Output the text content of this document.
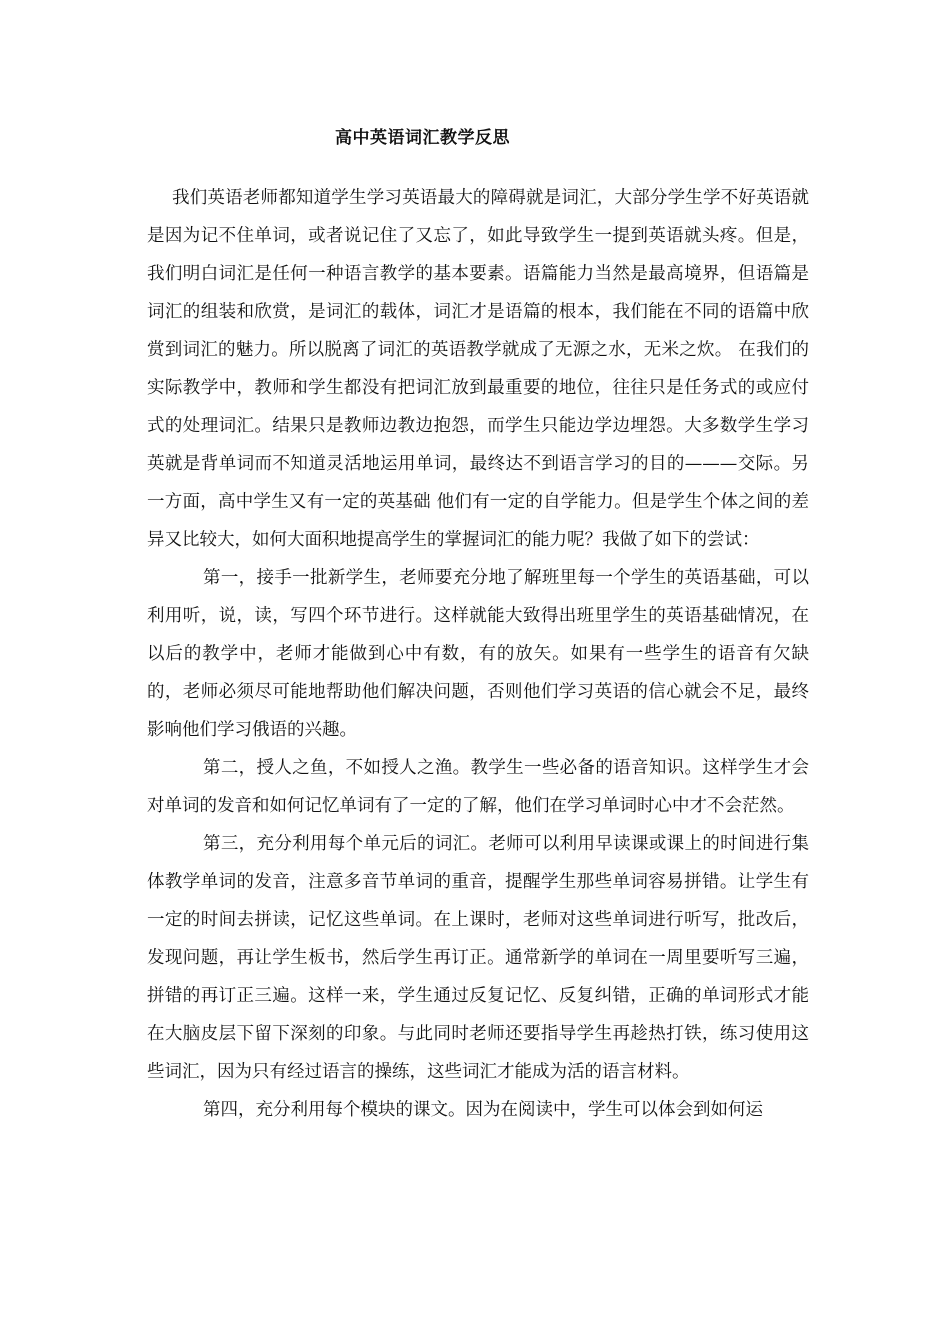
高中英语词汇教学反思

我们英语老师都知道学生学习英语最大的障碍就是词汇，大部分学生学不好英语就是因为记不住单词，或者说记住了又忘了，如此导致学生一提到英语就头疼。但是，我们明白词汇是任何一种语言教学的基本要素。语篇能力当然是最高境界，但语篇是词汇的组装和欣赏，是词汇的载体，词汇才是语篇的根本，我们能在不同的语篇中欣赏到词汇的魅力。所以脱离了词汇的英语教学就成了无源之水，无米之炊。 在我们的实际教学中，教师和学生都没有把词汇放到最重要的地位，往往只是任务式的或应付式的处理词汇。结果只是教师边教边抱怨，而学生只能边学边埋怨。大多数学生学习英就是背单词而不知道灵活地运用单词，最终达不到语言学习的目的———交际。另一方面，高中学生又有一定的英基础 他们有一定的自学能力。但是学生个体之间的差异又比较大，如何大面积地提高学生的掌握词汇的能力呢？我做了如下的尝试：

第一，接手一批新学生，老师要充分地了解班里每一个学生的英语基础，可以利用听，说，读，写四个环节进行。这样就能大致得出班里学生的英语基础情况，在以后的教学中，老师才能做到心中有数，有的放矢。如果有一些学生的语音有欠缺的，老师必须尽可能地帮助他们解决问题，否则他们学习英语的信心就会不足，最终影响他们学习俄语的兴趣。

第二，授人之鱼，不如授人之渔。教学生一些必备的语音知识。这样学生才会对单词的发音和如何记忆单词有了一定的了解，他们在学习单词时心中才不会茫然。

第三，充分利用每个单元后的词汇。老师可以利用早读课或课上的时间进行集体教学单词的发音，注意多音节单词的重音，提醒学生那些单词容易拼错。让学生有一定的时间去拼读，记忆这些单词。在上课时，老师对这些单词进行听写，批改后，发现问题，再让学生板书，然后学生再订正。通常新学的单词在一周里要听写三遍，拼错的再订正三遍。这样一来，学生通过反复记忆、反复纠错，正确的单词形式才能在大脑皮层下留下深刻的印象。与此同时老师还要指导学生再趁热打铁，练习使用这些词汇，因为只有经过语言的操练，这些词汇才能成为活的语言材料。

第四，充分利用每个模块的课文。因为在阅读中，学生可以体会到如何运
